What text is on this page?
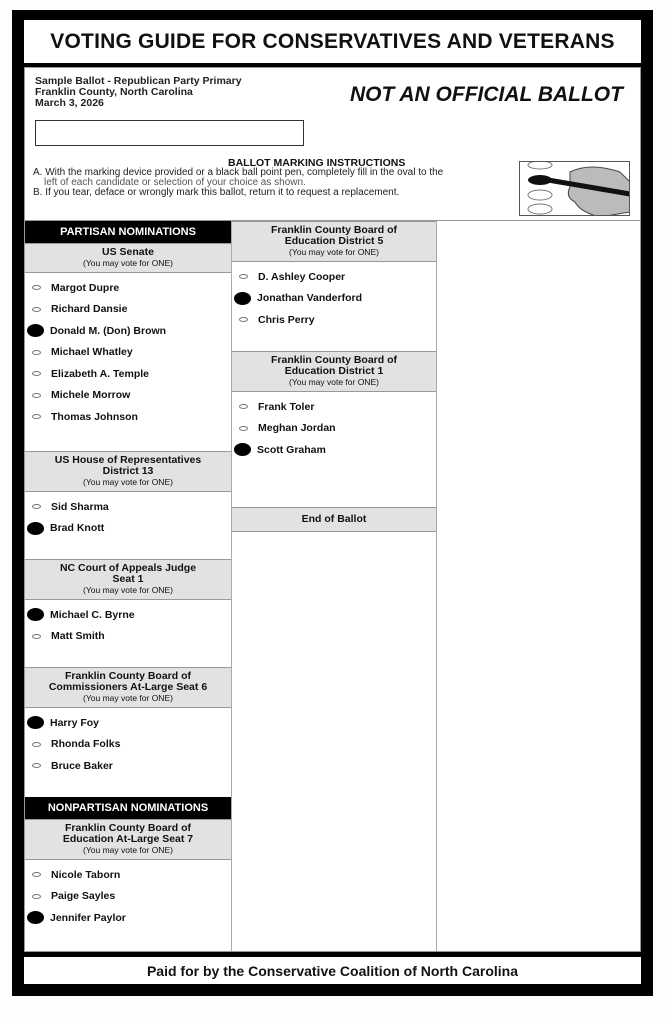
VOTING GUIDE FOR CONSERVATIVES AND VETERANS
Sample Ballot - Republican Party Primary
Franklin County, North Carolina
March 3, 2026	NOT AN OFFICIAL BALLOT
BALLOT MARKING INSTRUCTIONS
A. With the marking device provided or a black ball point pen, completely fill in the oval to the
left of each candidate or selection of your choice as shown.
B. If you tear, deface or wrongly mark this ballot, return it to request a replacement.
PARTISAN NOMINATIONS
US Senate
(You may vote for ONE)
Margot Dupre
Richard Dansie
Donald M. (Don) Brown
Michael Whatley
Elizabeth A. Temple
Michele Morrow
Thomas Johnson
US House of Representatives
District 13
(You may vote for ONE)
Sid Sharma
Brad Knott
NC Court of Appeals Judge
Seat 1
(You may vote for ONE)
Michael C. Byrne
Matt Smith
Franklin County Board of
Commissioners At-Large Seat 6
(You may vote for ONE)
Harry Foy
Rhonda Folks
Bruce Baker
NONPARTISAN NOMINATIONS
Franklin County Board of
Education At-Large Seat 7
(You may vote for ONE)
Nicole Taborn
Paige Sayles
Jennifer Paylor
Franklin County Board of
Education District 5
(You may vote for ONE)
D. Ashley Cooper
Jonathan Vanderford
Chris Perry
Franklin County Board of
Education District 1
(You may vote for ONE)
Frank Toler
Meghan Jordan
Scott Graham
End of Ballot
Paid for by the Conservative Coalition of North Carolina
